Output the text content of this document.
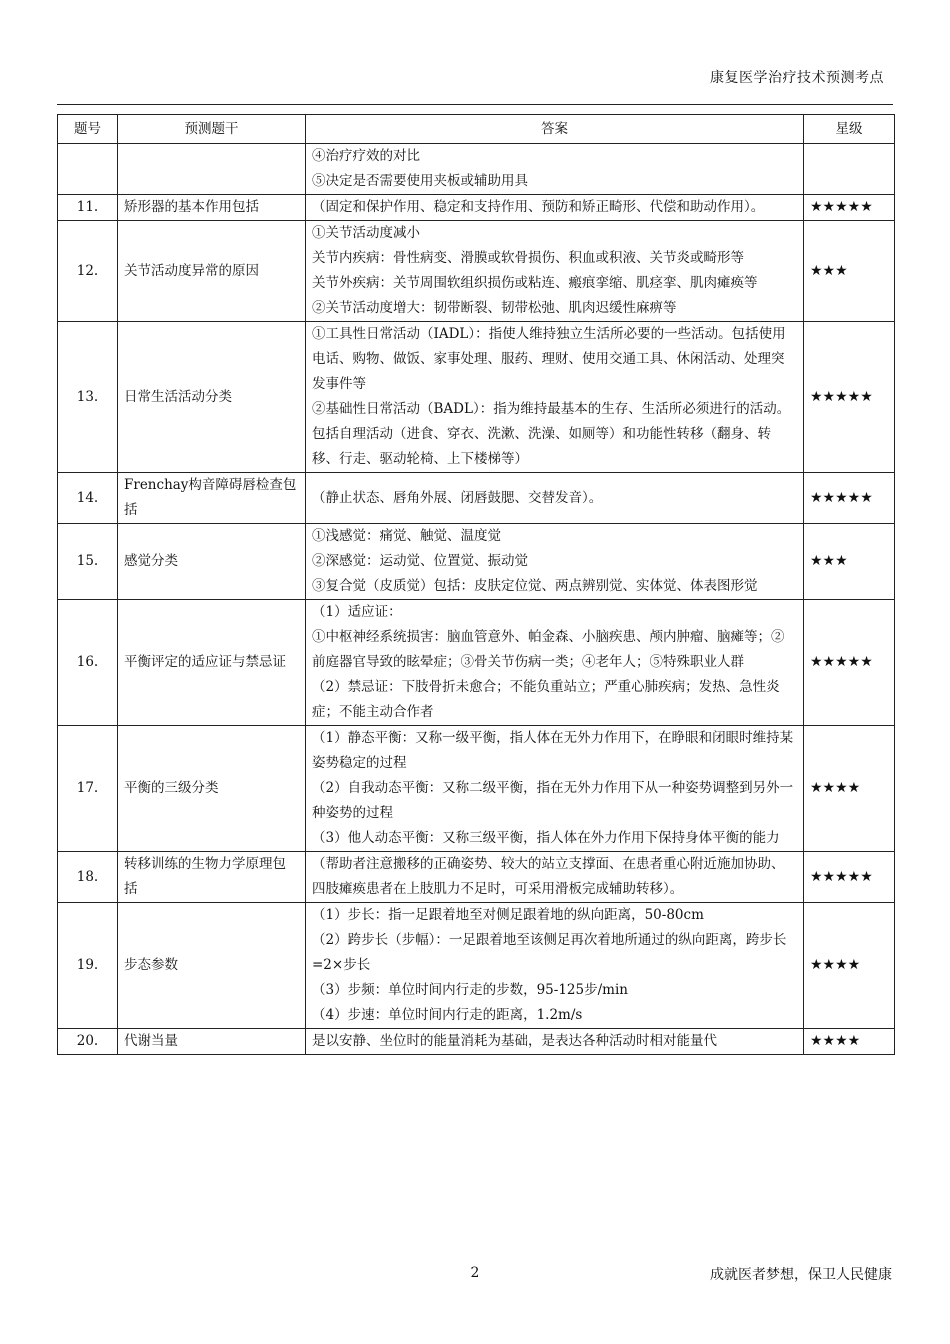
康复医学治疗技术预测考点
题号	预测题干	答案	星级

		④治疗疗效的对比
⑤决定是否需要使用夹板或辅助用具	

11.	矫形器的基本作用包括	（固定和保护作用、稳定和支持作用、预防和矫正畸形、代偿和助动作用）。	★★★★★
12.	关节活动度异常的原因	①关节活动度减小
关节内疾病：骨性病变、滑膜或软骨损伤、积血或积液、关节炎或畸形等
关节外疾病：关节周围软组织损伤或粘连、瘢痕挛缩、肌痉挛、肌肉瘫痪等
②关节活动度增大：韧带断裂、韧带松弛、肌肉迟缓性麻痹等	★★★
13.	日常生活活动分类	①工具性日常活动（IADL）：指使人维持独立生活所必要的一些活动。包括使用电话、购物、做饭、家事处理、服药、理财、使用交通工具、休闲活动、处理突发事件等
②基础性日常活动（BADL）：指为维持最基本的生存、生活所必须进行的活动。包括自理活动（进食、穿衣、洗漱、洗澡、如厕等）和功能性转移（翻身、转移、行走、驱动轮椅、上下楼梯等）	★★★★★
14.	Frenchay构音障碍唇检查包括	（静止状态、唇角外展、闭唇鼓腮、交替发音）。	★★★★★
15.	感觉分类	①浅感觉：痛觉、触觉、温度觉
②深感觉：运动觉、位置觉、振动觉
③复合觉（皮质觉）包括：皮肤定位觉、两点辨别觉、实体觉、体表图形觉	★★★
16.	平衡评定的适应证与禁忌证	（1）适应证：
①中枢神经系统损害：脑血管意外、帕金森、小脑疾患、颅内肿瘤、脑瘫等；②前庭器官导致的眩晕症；③骨关节伤病一类；④老年人；⑤特殊职业人群
（2）禁忌证：下肢骨折未愈合；不能负重站立；严重心肺疾病；发热、急性炎症；不能主动合作者	★★★★★
17.	平衡的三级分类	（1）静态平衡：又称一级平衡，指人体在无外力作用下，在睁眼和闭眼时维持某姿势稳定的过程
（2）自我动态平衡：又称二级平衡，指在无外力作用下从一种姿势调整到另外一种姿势的过程
（3）他人动态平衡：又称三级平衡，指人体在外力作用下保持身体平衡的能力	★★★★
18.	转移训练的生物力学原理包括	（帮助者注意搬移的正确姿势、较大的站立支撑面、在患者重心附近施加协助、四肢瘫痪患者在上肢肌力不足时，可采用滑板完成辅助转移）。	★★★★★
19.	步态参数	（1）步长：指一足跟着地至对侧足跟着地的纵向距离，50-80cm
（2）跨步长（步幅）：一足跟着地至该侧足再次着地所通过的纵向距离，跨步长=2×步长
（3）步频：单位时间内行走的步数，95-125步/min
（4）步速：单位时间内行走的距离，1.2m/s	★★★★
20.	代谢当量	是以安静、坐位时的能量消耗为基础，是表达各种活动时相对能量代	★★★★
2	成就医者梦想，保卫人民健康
